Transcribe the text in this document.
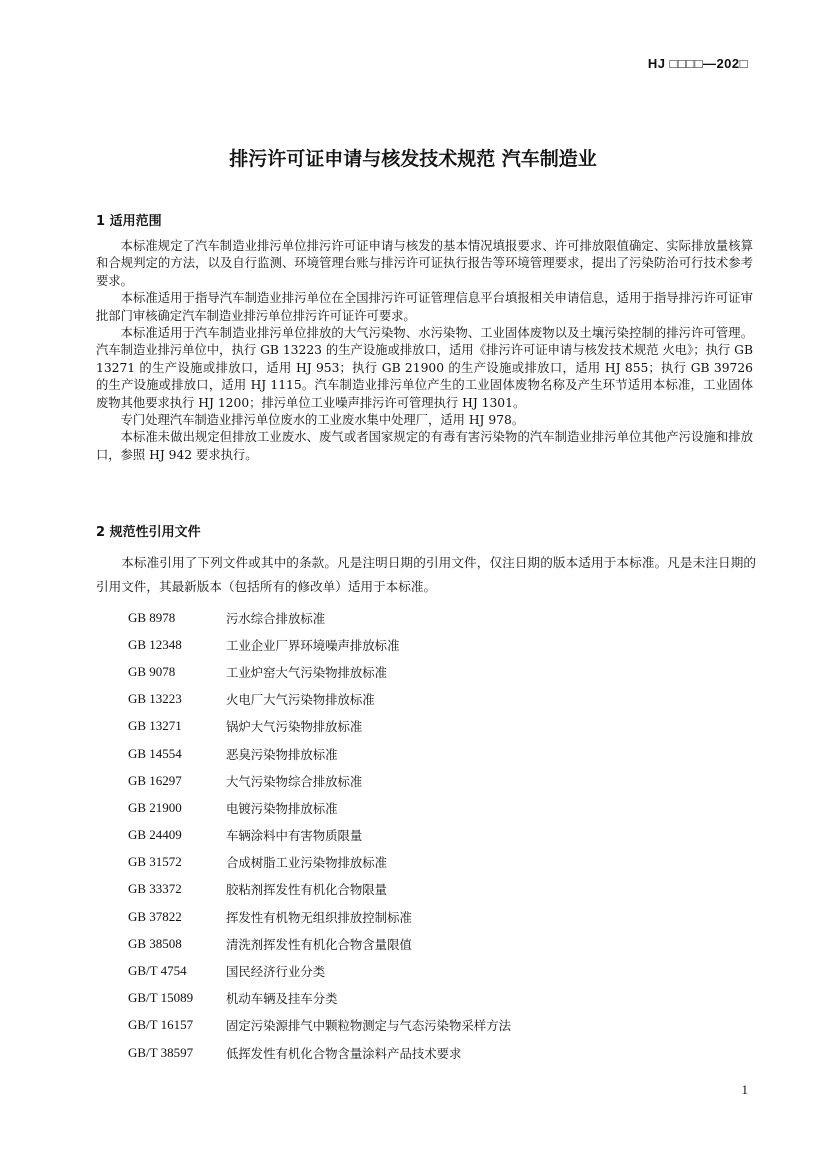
HJ □□□□—202□
排污许可证申请与核发技术规范 汽车制造业
1 适用范围

本标准规定了汽车制造业排污单位排污许可证申请与核发的基本情况填报要求、许可排放限值确定、实际排放量核算和合规判定的方法，以及自行监测、环境管理台账与排污许可证执行报告等环境管理要求，提出了污染防治可行技术参考要求。

本标准适用于指导汽车制造业排污单位在全国排污许可证管理信息平台填报相关申请信息，适用于指导排污许可证审批部门审核确定汽车制造业排污单位排污许可证许可要求。

本标准适用于汽车制造业排污单位排放的大气污染物、水污染物、工业固体废物以及土壤污染控制的排污许可管理。汽车制造业排污单位中，执行 GB 13223 的生产设施或排放口，适用《排污许可证申请与核发技术规范 火电》；执行 GB 13271 的生产设施或排放口，适用 HJ 953；执行 GB 21900 的生产设施或排放口，适用 HJ 855；执行 GB 39726 的生产设施或排放口，适用 HJ 1115。汽车制造业排污单位产生的工业固体废物名称及产生环节适用本标准，工业固体废物其他要求执行 HJ 1200；排污单位工业噪声排污许可管理执行 HJ 1301。

专门处理汽车制造业排污单位废水的工业废水集中处理厂，适用 HJ 978。

本标准未做出规定但排放工业废水、废气或者国家规定的有毒有害污染物的汽车制造业排污单位其他产污设施和排放口，参照 HJ 942 要求执行。

2 规范性引用文件

本标准引用了下列文件或其中的条款。凡是注明日期的引用文件，仅注日期的版本适用于本标准。凡是未注日期的引用文件，其最新版本（包括所有的修改单）适用于本标准。

GB 8978	污水综合排放标准
GB 12348	工业企业厂界环境噪声排放标准
GB 9078	工业炉窑大气污染物排放标准
GB 13223	火电厂大气污染物排放标准
GB 13271	锅炉大气污染物排放标准
GB 14554	恶臭污染物排放标准
GB 16297	大气污染物综合排放标准
GB 21900	电镀污染物排放标准
GB 24409	车辆涂料中有害物质限量
GB 31572	合成树脂工业污染物排放标准
GB 33372	胶粘剂挥发性有机化合物限量
GB 37822	挥发性有机物无组织排放控制标准
GB 38508	清洗剂挥发性有机化合物含量限值
GB/T 4754	国民经济行业分类
GB/T 15089	机动车辆及挂车分类
GB/T 16157	固定污染源排气中颗粒物测定与气态污染物采样方法
GB/T 38597	低挥发性有机化合物含量涂料产品技术要求
1
